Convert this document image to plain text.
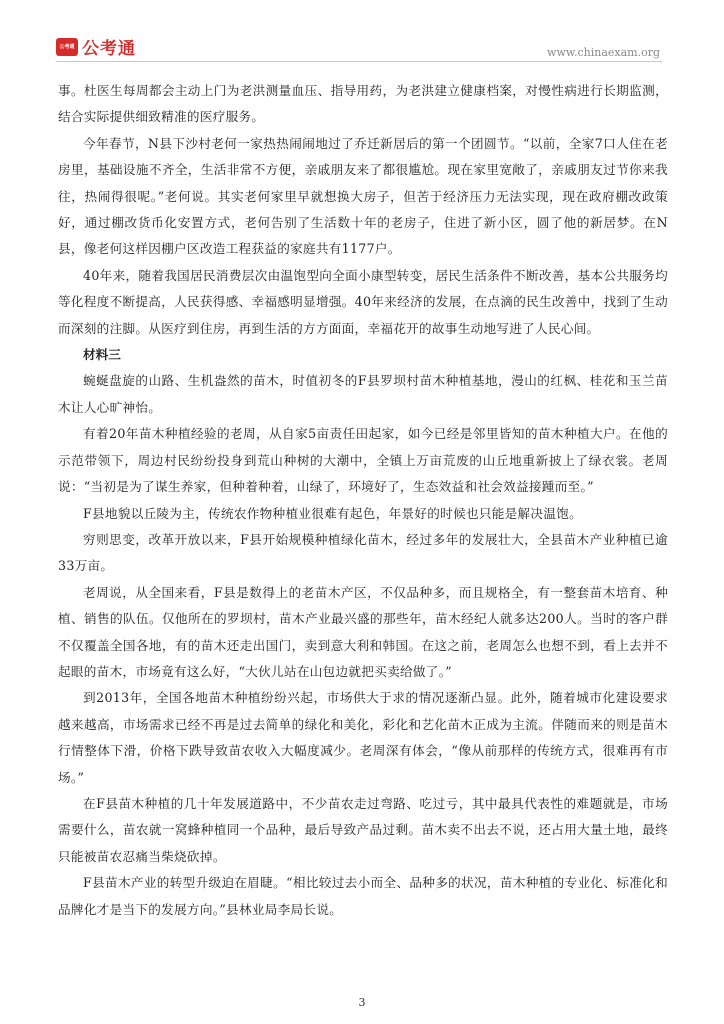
公考通 公考通	www.chinaexam.org

事。杜医生每周都会主动上门为老洪测量血压、指导用药，为老洪建立健康档案，对慢性病进行长期监测，结合实际提供细致精准的医疗服务。

今年春节，N县下沙村老何一家热热闹闹地过了乔迁新居后的第一个团圆节。“以前，全家7口人住在老房里，基础设施不齐全，生活非常不方便，亲戚朋友来了都很尴尬。现在家里宽敞了，亲戚朋友过节你来我往，热闹得很呢。”老何说。其实老何家里早就想换大房子，但苦于经济压力无法实现，现在政府棚改政策好，通过棚改货币化安置方式，老何告别了生活数十年的老房子，住进了新小区，圆了他的新居梦。在N县，像老何这样因棚户区改造工程获益的家庭共有1177户。

40年来，随着我国居民消费层次由温饱型向全面小康型转变，居民生活条件不断改善，基本公共服务均等化程度不断提高，人民获得感、幸福感明显增强。40年来经济的发展，在点滴的民生改善中，找到了生动而深刻的注脚。从医疗到住房，再到生活的方方面面，幸福花开的故事生动地写进了人民心间。

材料三

蜿蜒盘旋的山路、生机盎然的苗木，时值初冬的F县罗坝村苗木种植基地，漫山的红枫、桂花和玉兰苗木让人心旷神怡。

有着20年苗木种植经验的老周，从自家5亩责任田起家，如今已经是邻里皆知的苗木种植大户。在他的示范带领下，周边村民纷纷投身到荒山种树的大潮中，全镇上万亩荒废的山丘地重新披上了绿衣裳。老周说：“当初是为了谋生养家，但种着种着，山绿了，环境好了，生态效益和社会效益接踵而至。”

F县地貌以丘陵为主，传统农作物种植业很难有起色，年景好的时候也只能是解决温饱。

穷则思变，改革开放以来，F县开始规模种植绿化苗木，经过多年的发展壮大，全县苗木产业种植已逾33万亩。

老周说，从全国来看，F县是数得上的老苗木产区，不仅品种多，而且规格全，有一整套苗木培育、种植、销售的队伍。仅他所在的罗坝村，苗木产业最兴盛的那些年，苗木经纪人就多达200人。当时的客户群不仅覆盖全国各地，有的苗木还走出国门，卖到意大利和韩国。在这之前，老周怎么也想不到，看上去并不起眼的苗木，市场竟有这么好，“大伙儿站在山包边就把买卖给做了。”

到2013年，全国各地苗木种植纷纷兴起，市场供大于求的情况逐渐凸显。此外，随着城市化建设要求越来越高，市场需求已经不再是过去简单的绿化和美化，彩化和艺化苗木正成为主流。伴随而来的则是苗木行情整体下滑，价格下跌导致苗农收入大幅度减少。老周深有体会，“像从前那样的传统方式，很难再有市场。”

在F县苗木种植的几十年发展道路中，不少苗农走过弯路、吃过亏，其中最具代表性的难题就是，市场需要什么，苗农就一窝蜂种植同一个品种，最后导致产品过剩。苗木卖不出去不说，还占用大量土地，最终只能被苗农忍痛当柴烧砍掉。

F县苗木产业的转型升级迫在眉睫。“相比较过去小而全、品种多的状况，苗木种植的专业化、标准化和品牌化才是当下的发展方向。”县林业局李局长说。

3
